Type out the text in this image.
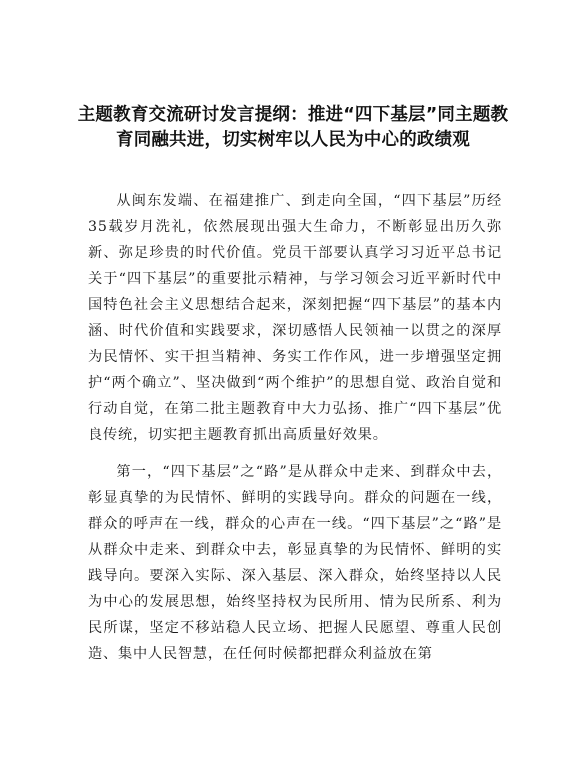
主题教育交流研讨发言提纲：推进“四下基层”同主题教育同融共进，切实树牢以人民为中心的政绩观

从闽东发端、在福建推广、到走向全国，“四下基层”历经35载岁月洗礼，依然展现出强大生命力，不断彰显出历久弥新、弥足珍贵的时代价值。党员干部要认真学习习近平总书记关于“四下基层”的重要批示精神，与学习领会习近平新时代中国特色社会主义思想结合起来，深刻把握“四下基层”的基本内涵、时代价值和实践要求，深切感悟人民领袖一以贯之的深厚为民情怀、实干担当精神、务实工作作风，进一步增强坚定拥护“两个确立”、坚决做到“两个维护”的思想自觉、政治自觉和行动自觉，在第二批主题教育中大力弘扬、推广“四下基层”优良传统，切实把主题教育抓出高质量好效果。

第一，“四下基层”之“路”是从群众中走来、到群众中去，彰显真挚的为民情怀、鲜明的实践导向。群众的问题在一线，群众的呼声在一线，群众的心声在一线。“四下基层”之“路”是从群众中走来、到群众中去，彰显真挚的为民情怀、鲜明的实践导向。要深入实际、深入基层、深入群众，始终坚持以人民为中心的发展思想，始终坚持权为民所用、情为民所系、利为民所谋，坚定不移站稳人民立场、把握人民愿望、尊重人民创造、集中人民智慧，在任何时候都把群众利益放在第
